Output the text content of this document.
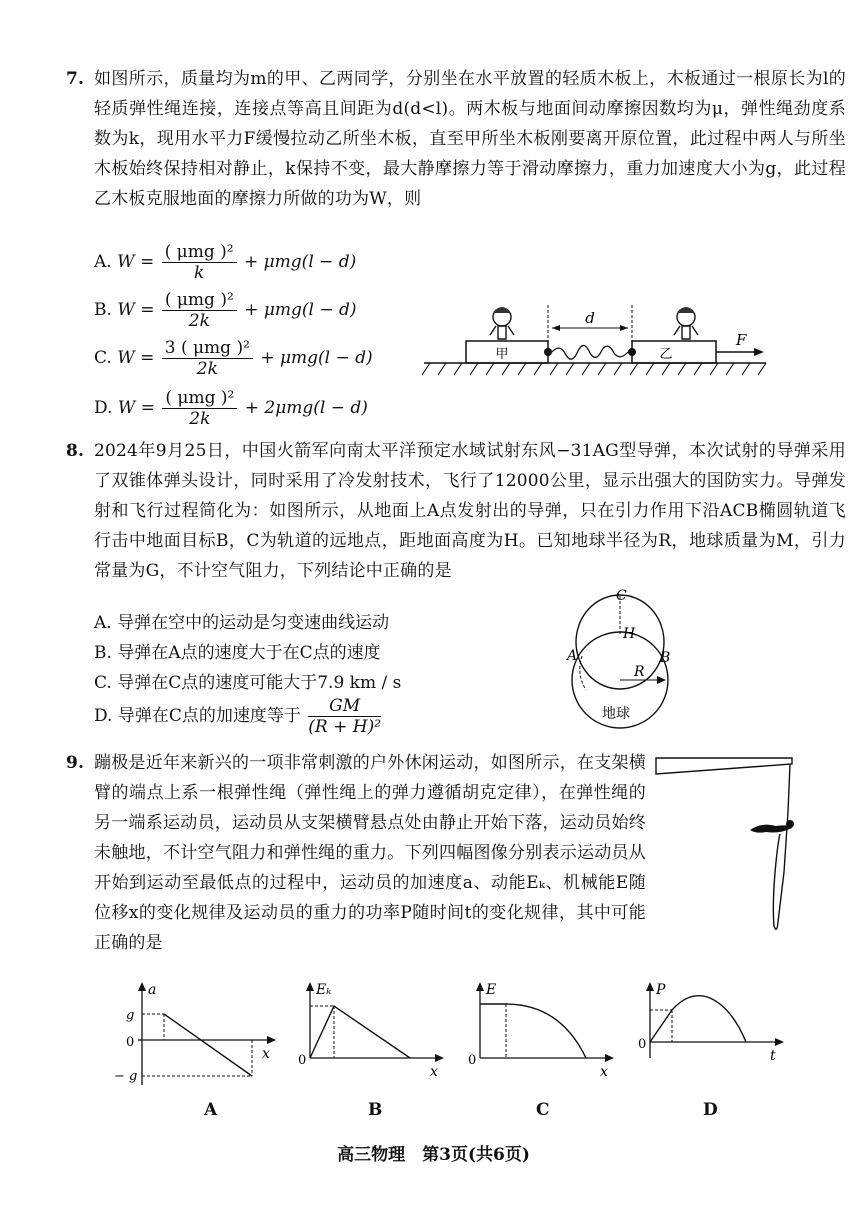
7. 如图所示，质量均为m的甲、乙两同学，分别坐在水平放置的轻质木板上，木板通过一根原长为l的轻质弹性绳连接，连接点等高且间距为d(d<l)。两木板与地面间动摩擦因数均为μ，弹性绳劲度系数为k，现用水平力F缓慢拉动乙所坐木板，直至甲所坐木板刚要离开原位置，此过程中两人与所坐木板始终保持相对静止，k保持不变，最大静摩擦力等于滑动摩擦力，重力加速度大小为g，此过程乙木板克服地面的摩擦力所做的功为W，则
A. $W = \frac{\text{( μmg )²}}{k} + \mu mg(l - d)$
B. $W = \frac{\text{( μmg )²}}{2k} + \mu mg(l - d)$
C. $W = \frac{\text{3 ( μmg )²}}{2k} + \mu mg(l - d)$
D. $W = \frac{\text{( μmg )²}}{2k} + 2\mu mg(l - d)$
甲	乙
d
F
8. 2024年9月25日，中国火箭军向南太平洋预定水域试射东风−31AG型导弹，本次试射的导弹采用了双锥体弹头设计，同时采用了冷发射技术，飞行了12000公里，显示出强大的国防实力。导弹发射和飞行过程简化为：如图所示，从地面上A点发射出的导弹，只在引力作用下沿ACB椭圆轨道飞行击中地面目标B，C为轨道的远地点，距地面高度为H。已知地球半径为R，地球质量为M，引力常量为G，不计空气阻力，下列结论中正确的是
A. 导弹在空中的运动是匀变速曲线运动
B. 导弹在A点的速度大于在C点的速度
C. 导弹在C点的速度可能大于7.9 km / s
D. 导弹在C点的加速度等于 $\frac{GM}{\text{(R + H)²}}$
C
H
A	B
R
地球
9. 蹦极是近年来新兴的一项非常刺激的户外休闲运动，如图所示，在支架横臂的端点上系一根弹性绳（弹性绳上的弹力遵循胡克定律），在弹性绳的另一端系运动员，运动员从支架横臂悬点处由静止开始下落，运动员始终未触地，不计空气阻力和弹性绳的重力。下列四幅图像分别表示运动员从开始到运动至最低点的过程中，运动员的加速度a、动能Eₖ、机械能E随位移x的变化规律及运动员的重力的功率P随时间t的变化规律，其中可能正确的是
a
x
g
0
− g
Eₖ
x
0
E
x
0
P
t
0
A	B	C	D
高三物理　第3页(共6页)
